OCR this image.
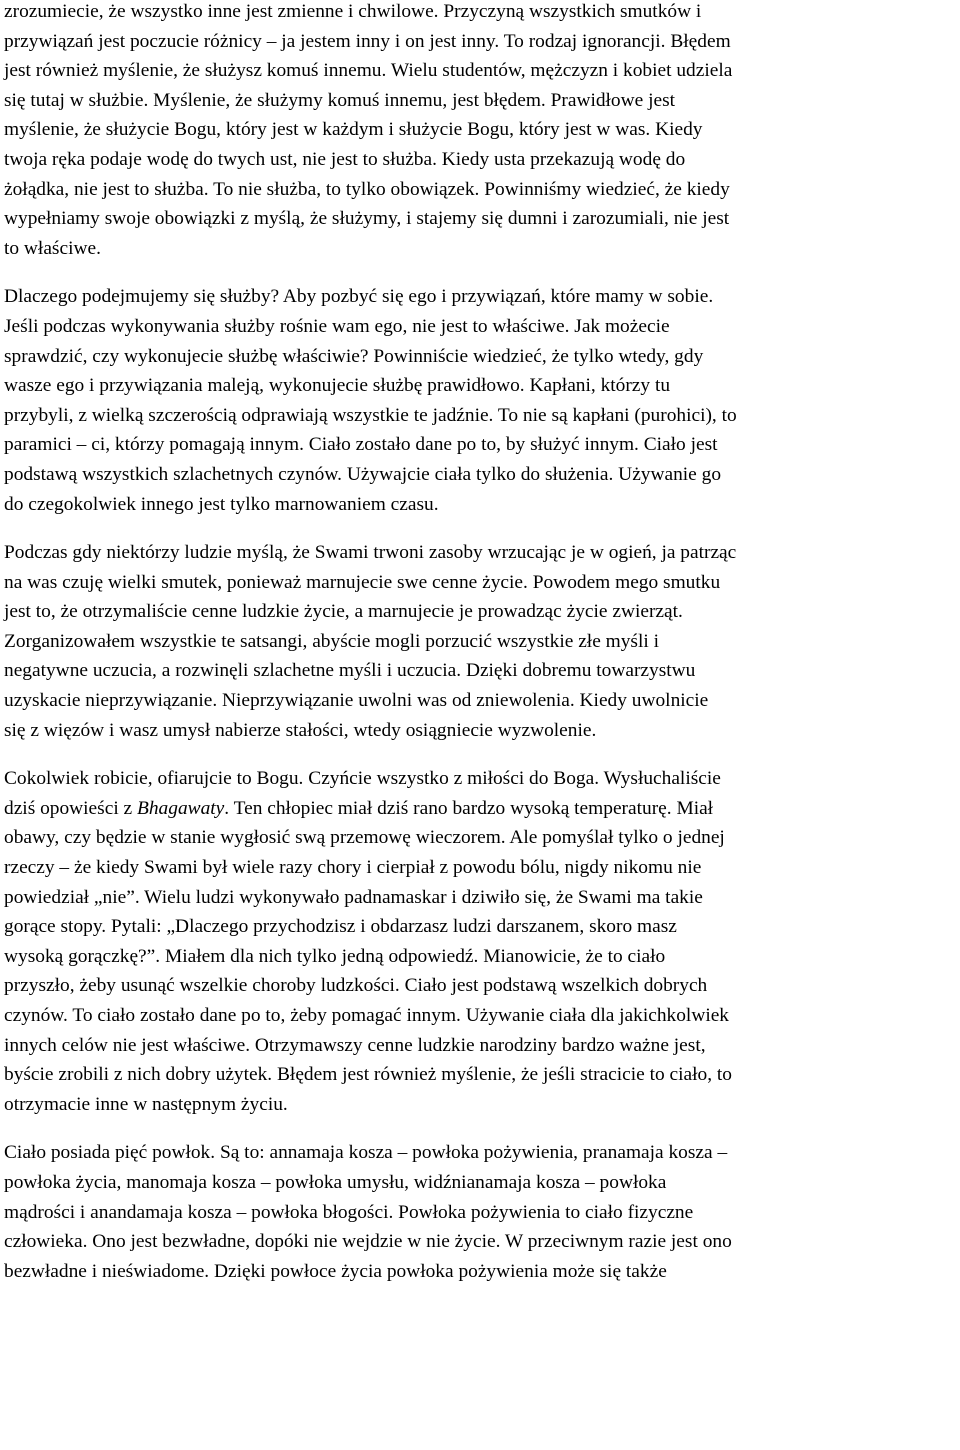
zrozumiecie, że wszystko inne jest zmienne i chwilowe. Przyczyną wszystkich smutków i
przywiązań jest poczucie różnicy – ja jestem inny i on jest inny. To rodzaj ignorancji. Błędem
jest również myślenie, że służysz komuś innemu. Wielu studentów, mężczyzn i kobiet udziela
się tutaj w służbie. Myślenie, że służymy komuś innemu, jest błędem. Prawidłowe jest
myślenie, że służycie Bogu, który jest w każdym i służycie Bogu, który jest w was. Kiedy
twoja ręka podaje wodę do twych ust, nie jest to służba. Kiedy usta przekazują wodę do
żołądka, nie jest to służba. To nie służba, to tylko obowiązek. Powinniśmy wiedzieć, że kiedy
wypełniamy swoje obowiązki z myślą, że służymy, i stajemy się dumni i zarozumiali, nie jest
to właściwe.
Dlaczego podejmujemy się służby? Aby pozbyć się ego i przywiązań, które mamy w sobie.
Jeśli podczas wykonywania służby rośnie wam ego, nie jest to właściwe. Jak możecie
sprawdzić, czy wykonujecie służbę właściwie? Powinniście wiedzieć, że tylko wtedy, gdy
wasze ego i przywiązania maleją, wykonujecie służbę prawidłowo. Kapłani, którzy tu
przybyli, z wielką szczerością odprawiają wszystkie te jadźnie. To nie są kapłani (purohici), to
paramici – ci, którzy pomagają innym. Ciało zostało dane po to, by służyć innym. Ciało jest
podstawą wszystkich szlachetnych czynów. Używajcie ciała tylko do służenia. Używanie go
do czegokolwiek innego jest tylko marnowaniem czasu.
Podczas gdy niektórzy ludzie myślą, że Swami trwoni zasoby wrzucając je w ogień, ja patrząc
na was czuję wielki smutek, ponieważ marnujecie swe cenne życie. Powodem mego smutku
jest to, że otrzymaliście cenne ludzkie życie, a marnujecie je prowadząc życie zwierząt.
Zorganizowałem wszystkie te satsangi, abyście mogli porzucić wszystkie złe myśli i
negatywne uczucia, a rozwinęli szlachetne myśli i uczucia. Dzięki dobremu towarzystwu
uzyskacie nieprzywiązanie. Nieprzywiązanie uwolni was od zniewolenia. Kiedy uwolnicie
się z więzów i wasz umysł nabierze stałości, wtedy osiągniecie wyzwolenie.
Cokolwiek robicie, ofiarujcie to Bogu. Czyńcie wszystko z miłości do Boga. Wysłuchaliście
dziś opowieści z Bhagawaty. Ten chłopiec miał dziś rano bardzo wysoką temperaturę. Miał
obawy, czy będzie w stanie wygłosić swą przemowę wieczorem. Ale pomyślał tylko o jednej
rzeczy – że kiedy Swami był wiele razy chory i cierpiał z powodu bólu, nigdy nikomu nie
powiedział „nie”. Wielu ludzi wykonywało padnamaskar i dziwiło się, że Swami ma takie
gorące stopy. Pytali: „Dlaczego przychodzisz i obdarzasz ludzi darszanem, skoro masz
wysoką gorączkę?”. Miałem dla nich tylko jedną odpowiedź. Mianowicie, że to ciało
przyszło, żeby usunąć wszelkie choroby ludzkości. Ciało jest podstawą wszelkich dobrych
czynów. To ciało zostało dane po to, żeby pomagać innym. Używanie ciała dla jakichkolwiek
innych celów nie jest właściwe. Otrzymawszy cenne ludzkie narodziny bardzo ważne jest,
byście zrobili z nich dobry użytek. Błędem jest również myślenie, że jeśli stracicie to ciało, to
otrzymacie inne w następnym życiu.
Ciało posiada pięć powłok. Są to: annamaja kosza – powłoka pożywienia, pranamaja kosza –
powłoka życia, manomaja kosza – powłoka umysłu, widźnianamaja kosza – powłoka
mądrości i anandamaja kosza – powłoka błogości. Powłoka pożywienia to ciało fizyczne
człowieka. Ono jest bezwładne, dopóki nie wejdzie w nie życie. W przeciwnym razie jest ono
bezwładne i nieświadome. Dzięki powłoce życia powłoka pożywienia może się także
